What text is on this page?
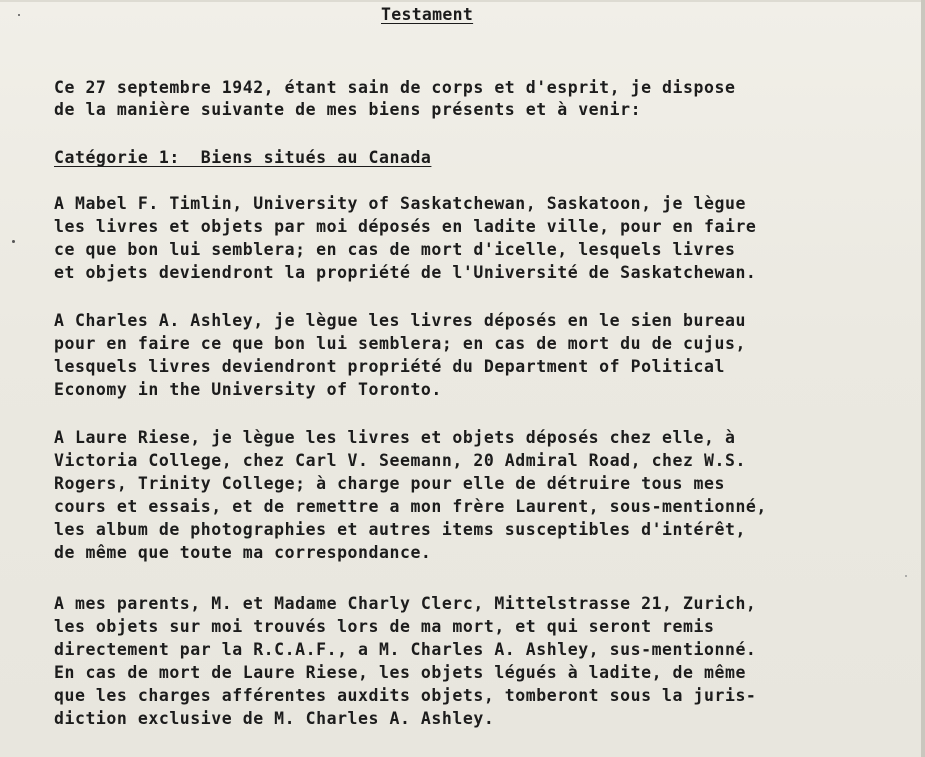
Testament
Ce 27 septembre 1942, étant sain de corps et d'esprit, je dispose
de la manière suivante de mes biens présents et à venir:
Catégorie 1:  Biens situés au Canada
A Mabel F. Timlin, University of Saskatchewan, Saskatoon, je lègue
les livres et objets par moi déposés en ladite ville, pour en faire
ce que bon lui semblera; en cas de mort d'icelle, lesquels livres
et objets deviendront la propriété de l'Université de Saskatchewan.
A Charles A. Ashley, je lègue les livres déposés en le sien bureau
pour en faire ce que bon lui semblera; en cas de mort du de cujus,
lesquels livres deviendront propriété du Department of Political
Economy in the University of Toronto.
A Laure Riese, je lègue les livres et objets déposés chez elle, à
Victoria College, chez Carl V. Seemann, 20 Admiral Road, chez W.S.
Rogers, Trinity College; à charge pour elle de détruire tous mes
cours et essais, et de remettre a mon frère Laurent, sous-mentionné,
les album de photographies et autres items susceptibles d'intérêt,
de même que toute ma correspondance.
A mes parents, M. et Madame Charly Clerc, Mittelstrasse 21, Zurich,
les objets sur moi trouvés lors de ma mort, et qui seront remis
directement par la R.C.A.F., a M. Charles A. Ashley, sus-mentionné.
En cas de mort de Laure Riese, les objets légués à ladite, de même
que les charges afférentes auxdits objets, tomberont sous la juris-
diction exclusive de M. Charles A. Ashley.
